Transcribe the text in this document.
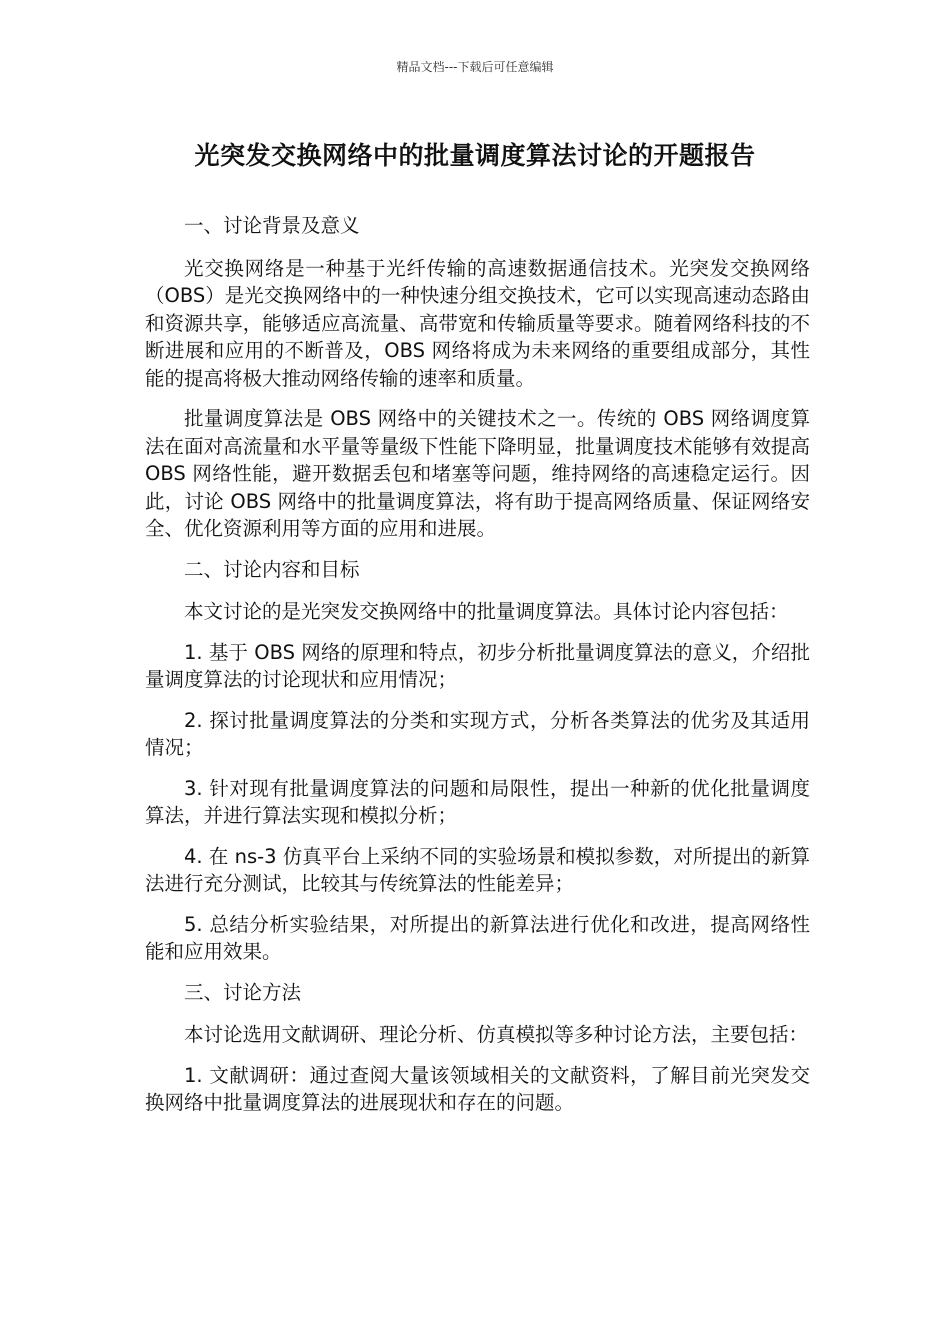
精品文档---下载后可任意编辑
光突发交换网络中的批量调度算法讨论的开题报告

一、讨论背景及意义

光交换网络是一种基于光纤传输的高速数据通信技术。光突发交换网络（OBS）是光交换网络中的一种快速分组交换技术，它可以实现高速动态路由和资源共享，能够适应高流量、高带宽和传输质量等要求。随着网络科技的不断进展和应用的不断普及，OBS 网络将成为未来网络的重要组成部分，其性能的提高将极大推动网络传输的速率和质量。

批量调度算法是 OBS 网络中的关键技术之一。传统的 OBS 网络调度算法在面对高流量和水平量等量级下性能下降明显，批量调度技术能够有效提高 OBS 网络性能，避开数据丢包和堵塞等问题，维持网络的高速稳定运行。因此，讨论 OBS 网络中的批量调度算法，将有助于提高网络质量、保证网络安全、优化资源利用等方面的应用和进展。

二、讨论内容和目标

本文讨论的是光突发交换网络中的批量调度算法。具体讨论内容包括：

1. 基于 OBS 网络的原理和特点，初步分析批量调度算法的意义，介绍批量调度算法的讨论现状和应用情况；

2. 探讨批量调度算法的分类和实现方式，分析各类算法的优劣及其适用情况；

3. 针对现有批量调度算法的问题和局限性，提出一种新的优化批量调度算法，并进行算法实现和模拟分析；

4. 在 ns-3 仿真平台上采纳不同的实验场景和模拟参数，对所提出的新算法进行充分测试，比较其与传统算法的性能差异；

5. 总结分析实验结果，对所提出的新算法进行优化和改进，提高网络性能和应用效果。

三、讨论方法

本讨论选用文献调研、理论分析、仿真模拟等多种讨论方法，主要包括：

1. 文献调研：通过查阅大量该领域相关的文献资料，了解目前光突发交换网络中批量调度算法的进展现状和存在的问题。
